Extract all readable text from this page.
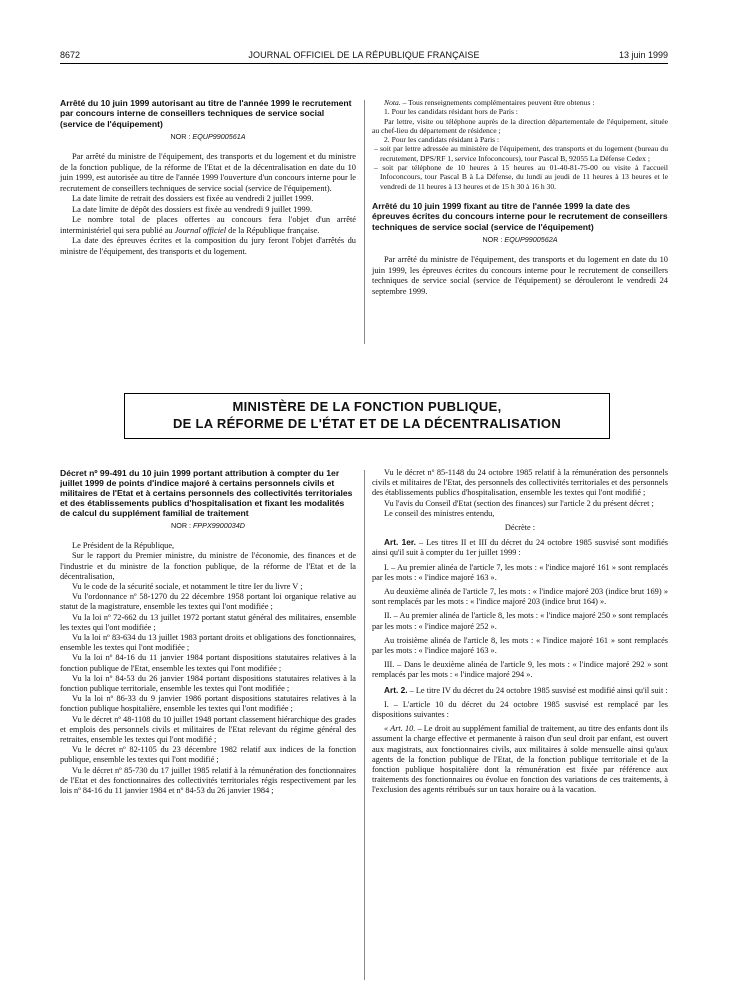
8672	JOURNAL OFFICIEL DE LA RÉPUBLIQUE FRANÇAISE	13 juin 1999
Arrêté du 10 juin 1999 autorisant au titre de l'année 1999 le recrutement par concours interne de conseillers techniques de service social (service de l'équipement)
NOR : EQUP9900561A

Par arrêté du ministre de l'équipement, des transports et du logement et du ministre de la fonction publique, de la réforme de l'Etat et de la décentralisation en date du 10 juin 1999, est autorisée au titre de l'année 1999 l'ouverture d'un concours interne pour le recrutement de conseillers techniques de service social (service de l'équipement).

La date limite de retrait des dossiers est fixée au vendredi 2 juillet 1999.

La date limite de dépôt des dossiers est fixée au vendredi 9 juillet 1999.

Le nombre total de places offertes au concours fera l'objet d'un arrêté interministériel qui sera publié au Journal officiel de la République française.

La date des épreuves écrites et la composition du jury feront l'objet d'arrêtés du ministre de l'équipement, des transports et du logement.

Nota. – Tous renseignements complémentaires peuvent être obtenus :

1. Pour les candidats résidant hors de Paris :

Par lettre, visite ou téléphone auprès de la direction départementale de l'équipement, située au chef-lieu du département de résidence ;

2. Pour les candidats résidant à Paris :

– soit par lettre adressée au ministère de l'équipement, des transports et du logement (bureau du recrutement, DPS/RF 1, service Infoconcours), tour Pascal B, 92055 La Défense Cedex ;

– soit par téléphone de 10 heures à 15 heures au 01-40-81-75-00 ou visite à l'accueil Infoconcours, tour Pascal B à La Défense, du lundi au jeudi de 11 heures à 13 heures et le vendredi de 11 heures à 13 heures et de 15 h 30 à 16 h 30.

Arrêté du 10 juin 1999 fixant au titre de l'année 1999 la date des épreuves écrites du concours interne pour le recrutement de conseillers techniques de service social (service de l'équipement)
NOR : EQUP9900562A

Par arrêté du ministre de l'équipement, des transports et du logement en date du 10 juin 1999, les épreuves écrites du concours interne pour le recrutement de conseillers techniques de service social (service de l'équipement) se dérouleront le vendredi 24 septembre 1999.

MINISTÈRE DE LA FONCTION PUBLIQUE,
DE LA RÉFORME DE L'ÉTAT ET DE LA DÉCENTRALISATION
Décret nº 99-491 du 10 juin 1999 portant attribution à compter du 1er juillet 1999 de points d'indice majoré à certains personnels civils et militaires de l'Etat et à certains personnels des collectivités territoriales et des établissements publics d'hospitalisation et fixant les modalités de calcul du supplément familial de traitement
NOR : FPPX9900034D

Le Président de la République,

Sur le rapport du Premier ministre, du ministre de l'économie, des finances et de l'industrie et du ministre de la fonction publique, de la réforme de l'Etat et de la décentralisation,

Vu le code de la sécurité sociale, et notamment le titre Ier du livre V ;

Vu l'ordonnance nº 58-1270 du 22 décembre 1958 portant loi organique relative au statut de la magistrature, ensemble les textes qui l'ont modifiée ;

Vu la loi nº 72-662 du 13 juillet 1972 portant statut général des militaires, ensemble les textes qui l'ont modifiée ;

Vu la loi nº 83-634 du 13 juillet 1983 portant droits et obligations des fonctionnaires, ensemble les textes qui l'ont modifiée ;

Vu la loi nº 84-16 du 11 janvier 1984 portant dispositions statutaires relatives à la fonction publique de l'Etat, ensemble les textes qui l'ont modifiée ;

Vu la loi nº 84-53 du 26 janvier 1984 portant dispositions statutaires relatives à la fonction publique territoriale, ensemble les textes qui l'ont modifiée ;

Vu la loi nº 86-33 du 9 janvier 1986 portant dispositions statutaires relatives à la fonction publique hospitalière, ensemble les textes qui l'ont modifiée ;

Vu le décret nº 48-1108 du 10 juillet 1948 portant classement hiérarchique des grades et emplois des personnels civils et militaires de l'Etat relevant du régime général des retraites, ensemble les textes qui l'ont modifié ;

Vu le décret nº 82-1105 du 23 décembre 1982 relatif aux indices de la fonction publique, ensemble les textes qui l'ont modifié ;

Vu le décret nº 85-730 du 17 juillet 1985 relatif à la rémunération des fonctionnaires de l'Etat et des fonctionnaires des collectivités territoriales régis respectivement par les lois nº 84-16 du 11 janvier 1984 et nº 84-53 du 26 janvier 1984 ;

Vu le décret nº 85-1148 du 24 octobre 1985 relatif à la rémunération des personnels civils et militaires de l'Etat, des personnels des collectivités territoriales et des personnels des établissements publics d'hospitalisation, ensemble les textes qui l'ont modifié ;

Vu l'avis du Conseil d'Etat (section des finances) sur l'article 2 du présent décret ;

Le conseil des ministres entendu,

Décrète :

Art. 1er. – Les titres II et III du décret du 24 octobre 1985 susvisé sont modifiés ainsi qu'il suit à compter du 1er juillet 1999 :

I. – Au premier alinéa de l'article 7, les mots : « l'indice majoré 161 » sont remplacés par les mots : « l'indice majoré 163 ».

Au deuxième alinéa de l'article 7, les mots : « l'indice majoré 203 (indice brut 169) » sont remplacés par les mots : « l'indice majoré 203 (indice brut 164) ».

II. – Au premier alinéa de l'article 8, les mots : « l'indice majoré 250 » sont remplacés par les mots : « l'indice majoré 252 ».

Au troisième alinéa de l'article 8, les mots : « l'indice majoré 161 » sont remplacés par les mots : « l'indice majoré 163 ».

III. – Dans le deuxième alinéa de l'article 9, les mots : « l'indice majoré 292 » sont remplacés par les mots : « l'indice majoré 294 ».

Art. 2. – Le titre IV du décret du 24 octobre 1985 susvisé est modifié ainsi qu'il suit :

I. – L'article 10 du décret du 24 octobre 1985 susvisé est remplacé par les dispositions suivantes :

« Art. 10. – Le droit au supplément familial de traitement, au titre des enfants dont ils assument la charge effective et permanente à raison d'un seul droit par enfant, est ouvert aux magistrats, aux fonctionnaires civils, aux militaires à solde mensuelle ainsi qu'aux agents de la fonction publique de l'Etat, de la fonction publique territoriale et de la fonction publique hospitalière dont la rémunération est fixée par référence aux traitements des fonctionnaires ou évolue en fonction des variations de ces traitements, à l'exclusion des agents rétribués sur un taux horaire ou à la vacation.
